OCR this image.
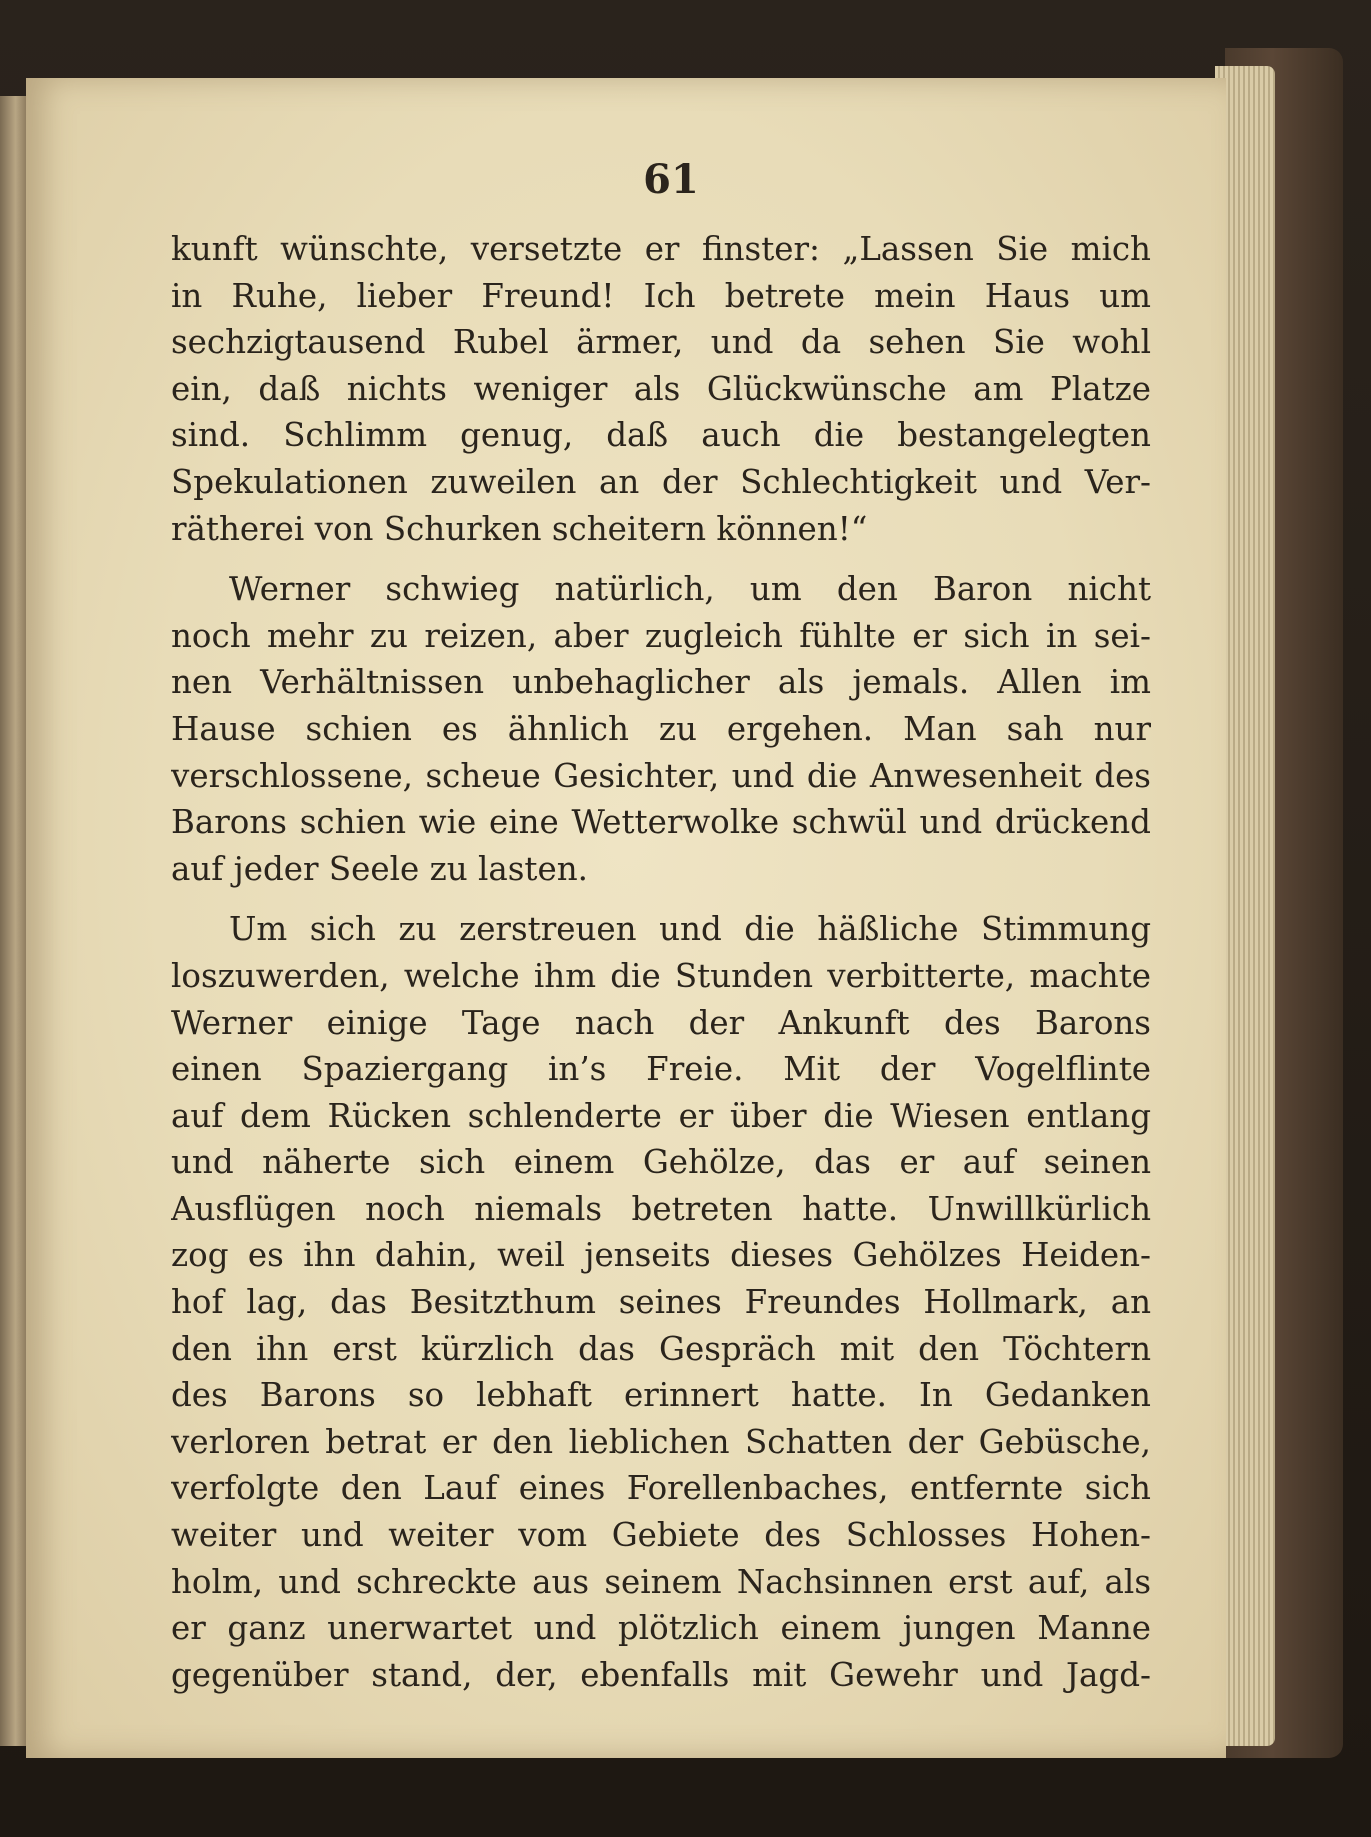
61

kunft wünschte, versetzte er finster: „Lassen Sie mich
in Ruhe, lieber Freund! Ich betrete mein Haus um
sechzigtausend Rubel ärmer, und da sehen Sie wohl
ein, daß nichts weniger als Glückwünsche am Platze
sind. Schlimm genug, daß auch die bestangelegten
Spekulationen zuweilen an der Schlechtigkeit und Ver-
rätherei von Schurken scheitern können!“

Werner schwieg natürlich, um den Baron nicht
noch mehr zu reizen, aber zugleich fühlte er sich in sei-
nen Verhältnissen unbehaglicher als jemals. Allen im
Hause schien es ähnlich zu ergehen. Man sah nur
verschlossene, scheue Gesichter, und die Anwesenheit des
Barons schien wie eine Wetterwolke schwül und drückend
auf jeder Seele zu lasten.

Um sich zu zerstreuen und die häßliche Stimmung
loszuwerden, welche ihm die Stunden verbitterte, machte
Werner einige Tage nach der Ankunft des Barons
einen Spaziergang in’s Freie. Mit der Vogelflinte
auf dem Rücken schlenderte er über die Wiesen entlang
und näherte sich einem Gehölze, das er auf seinen
Ausflügen noch niemals betreten hatte. Unwillkürlich
zog es ihn dahin, weil jenseits dieses Gehölzes Heiden-
hof lag, das Besitzthum seines Freundes Hollmark, an
den ihn erst kürzlich das Gespräch mit den Töchtern
des Barons so lebhaft erinnert hatte. In Gedanken
verloren betrat er den lieblichen Schatten der Gebüsche,
verfolgte den Lauf eines Forellenbaches, entfernte sich
weiter und weiter vom Gebiete des Schlosses Hohen-
holm, und schreckte aus seinem Nachsinnen erst auf, als
er ganz unerwartet und plötzlich einem jungen Manne
gegenüber stand, der, ebenfalls mit Gewehr und Jagd-
